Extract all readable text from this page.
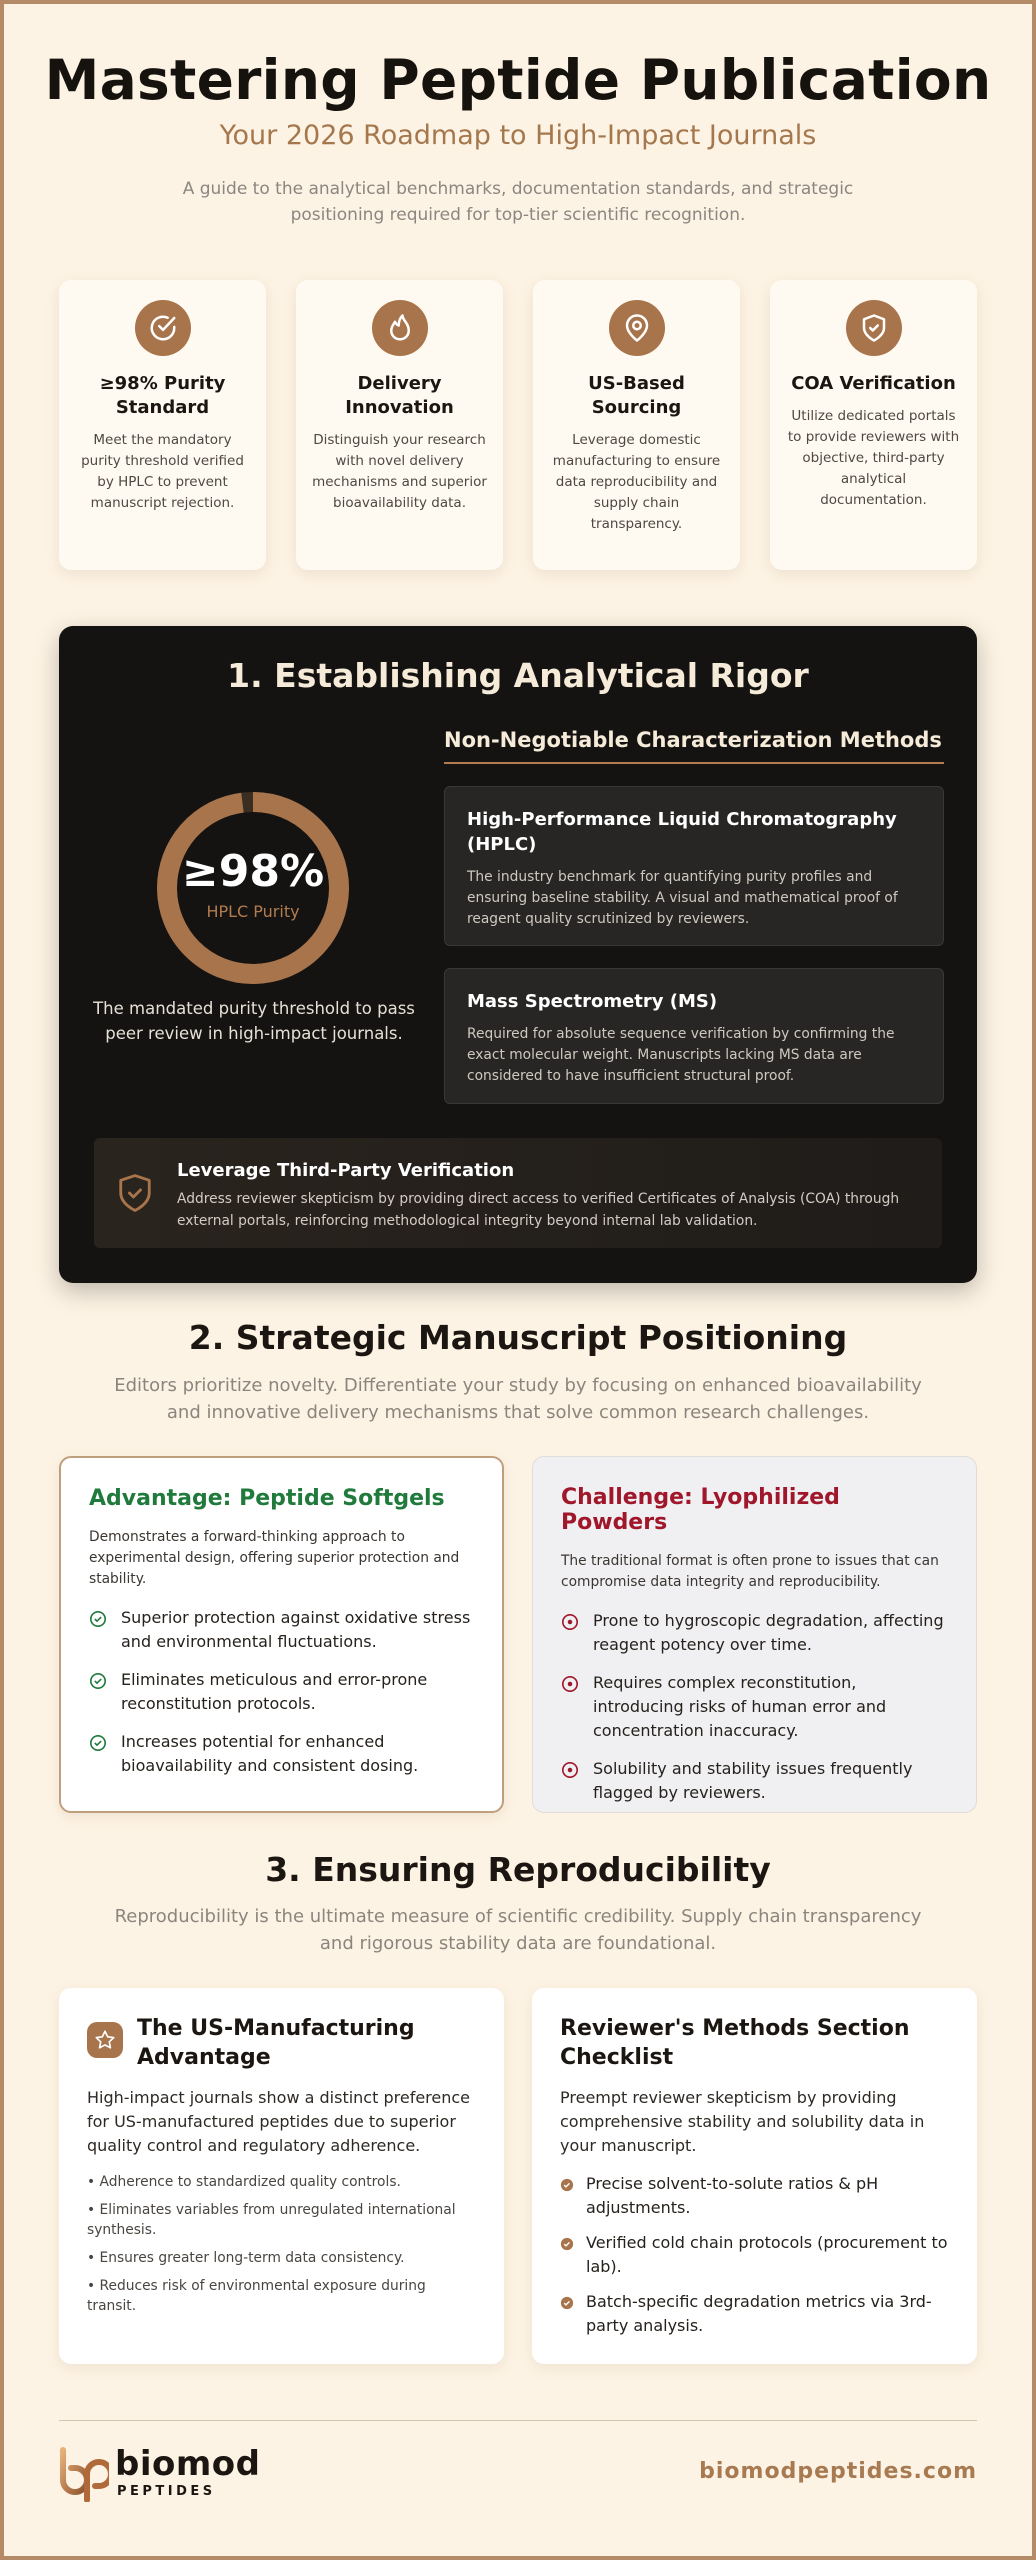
Mastering Peptide Publication
Your 2026 Roadmap to High-Impact Journals
A guide to the analytical benchmarks, documentation standards, and strategic positioning required for top-tier scientific recognition.
≥98% Purity Standard
Meet the mandatory purity threshold verified by HPLC to prevent manuscript rejection.
Delivery Innovation
Distinguish your research with novel delivery mechanisms and superior bioavailability data.
US-Based Sourcing
Leverage domestic manufacturing to ensure data reproducibility and supply chain transparency.
COA Verification
Utilize dedicated portals to provide reviewers with objective, third-party analytical documentation.
1. Establishing Analytical Rigor
≥98%
HPLC Purity
The mandated purity threshold to pass peer review in high-impact journals.
Non-Negotiable Characterization Methods
High-Performance Liquid Chromatography (HPLC)
The industry benchmark for quantifying purity profiles and ensuring baseline stability. A visual and mathematical proof of reagent quality scrutinized by reviewers.
Mass Spectrometry (MS)
Required for absolute sequence verification by confirming the exact molecular weight. Manuscripts lacking MS data are considered to have insufficient structural proof.
Leverage Third-Party Verification
Address reviewer skepticism by providing direct access to verified Certificates of Analysis (COA) through external portals, reinforcing methodological integrity beyond internal lab validation.
2. Strategic Manuscript Positioning
Editors prioritize novelty. Differentiate your study by focusing on enhanced bioavailability and innovative delivery mechanisms that solve common research challenges.
Advantage: Peptide Softgels
Demonstrates a forward-thinking approach to experimental design, offering superior protection and stability.
Superior protection against oxidative stress and environmental fluctuations.
Eliminates meticulous and error-prone reconstitution protocols.
Increases potential for enhanced bioavailability and consistent dosing.
Challenge: Lyophilized Powders
The traditional format is often prone to issues that can compromise data integrity and reproducibility.
Prone to hygroscopic degradation, affecting reagent potency over time.
Requires complex reconstitution, introducing risks of human error and concentration inaccuracy.
Solubility and stability issues frequently flagged by reviewers.
3. Ensuring Reproducibility
Reproducibility is the ultimate measure of scientific credibility. Supply chain transparency and rigorous stability data are foundational.
The US-Manufacturing Advantage
High-impact journals show a distinct preference for US-manufactured peptides due to superior quality control and regulatory adherence.
• Adherence to standardized quality controls.
• Eliminates variables from unregulated international synthesis.
• Ensures greater long-term data consistency.
• Reduces risk of environmental exposure during transit.
Reviewer's Methods Section Checklist
Preempt reviewer skepticism by providing comprehensive stability and solubility data in your manuscript.
Precise solvent-to-solute ratios & pH adjustments.
Verified cold chain protocols (procurement to lab).
Batch-specific degradation metrics via 3rd-party analysis.
biomod
PEPTIDES
biomodpeptides.com
